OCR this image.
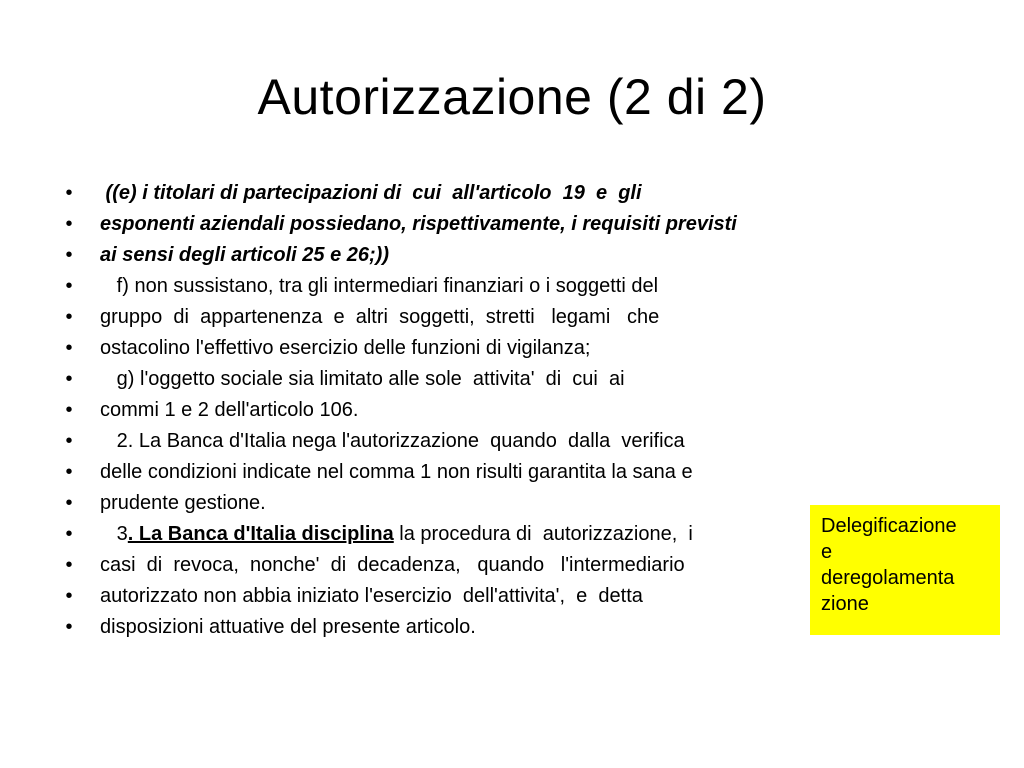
Autorizzazione (2 di 2)

•

((e) i titolari di partecipazioni di  cui  all'articolo  19  e  gli

•

esponenti aziendali possiedano, rispettivamente, i requisiti previsti

•

ai sensi degli articoli 25 e 26;))

•

f) non sussistano, tra gli intermediari finanziari o i soggetti del

•

gruppo  di  appartenenza  e  altri  soggetti,  stretti   legami   che

•

ostacolino l'effettivo esercizio delle funzioni di vigilanza;

•

g) l'oggetto sociale sia limitato alle sole  attivita'  di  cui  ai

•

commi 1 e 2 dell'articolo 106.

•

2. La Banca d'Italia nega l'autorizzazione  quando  dalla  verifica

•

delle condizioni indicate nel comma 1 non risulti garantita la sana e

•

prudente gestione.

•

3. La Banca d'Italia disciplina la procedura di  autorizzazione,  i

•

casi  di  revoca,  nonche'  di  decadenza,   quando   l'intermediario

•

autorizzato non abbia iniziato l'esercizio  dell'attivita',  e  detta

•

disposizioni attuative del presente articolo.

Delegificazione
e
deregolamenta
zione
